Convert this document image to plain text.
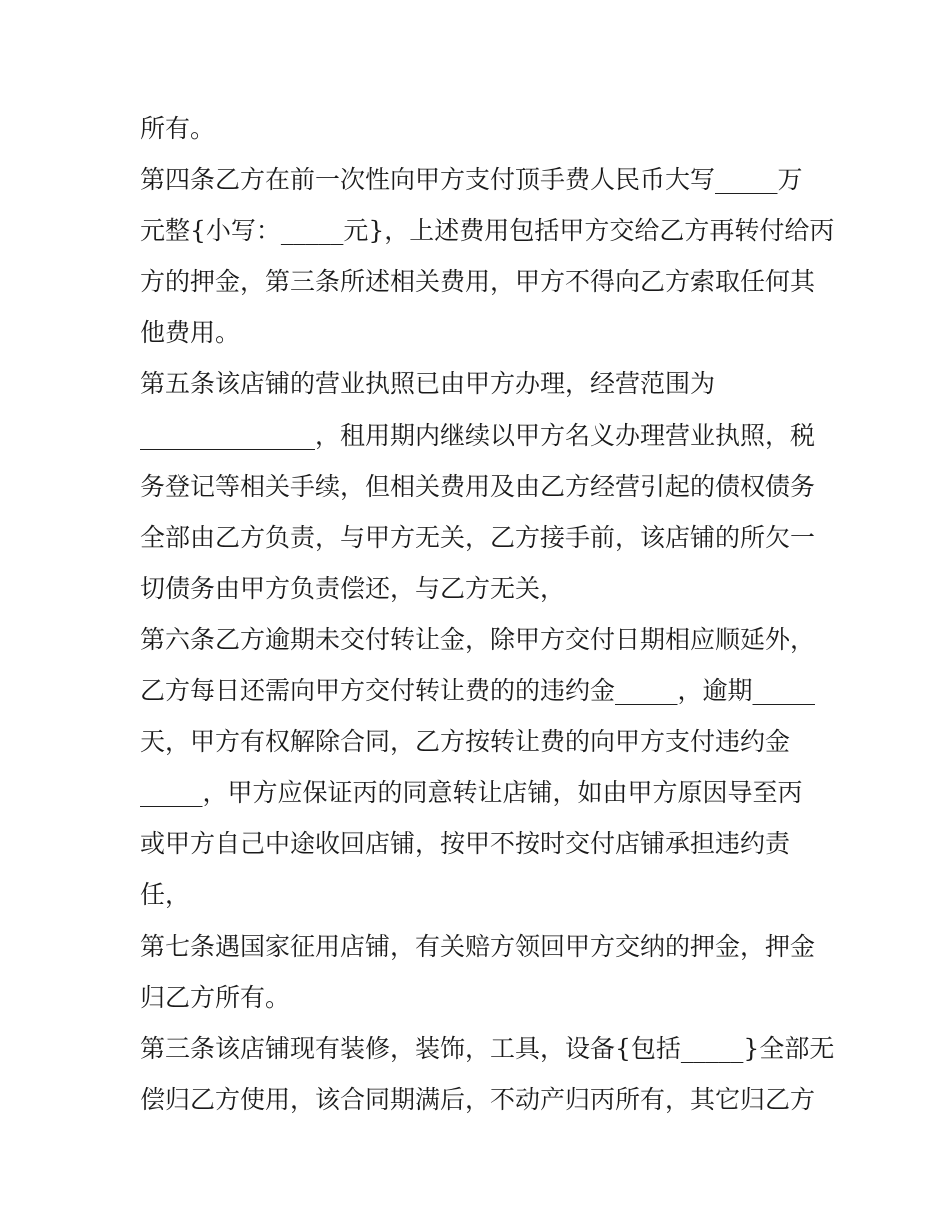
所有。
第四条乙方在前一次性向甲方支付顶手费人民币大写_____万
元整{小写：_____元}，上述费用包括甲方交给乙方再转付给丙
方的押金，第三条所述相关费用，甲方不得向乙方索取任何其
他费用。
第五条该店铺的营业执照已由甲方办理，经营范围为
______________，租用期内继续以甲方名义办理营业执照，税
务登记等相关手续，但相关费用及由乙方经营引起的债权债务
全部由乙方负责，与甲方无关，乙方接手前，该店铺的所欠一
切债务由甲方负责偿还，与乙方无关，
第六条乙方逾期未交付转让金，除甲方交付日期相应顺延外，
乙方每日还需向甲方交付转让费的的违约金_____，逾期_____
天，甲方有权解除合同，乙方按转让费的向甲方支付违约金
_____，甲方应保证丙的同意转让店铺，如由甲方原因导至丙
或甲方自己中途收回店铺，按甲不按时交付店铺承担违约责
任，
第七条遇国家征用店铺，有关赔方领回甲方交纳的押金，押金
归乙方所有。
第三条该店铺现有装修，装饰，工具，设备{包括_____}全部无
偿归乙方使用，该合同期满后，不动产归丙所有，其它归乙方
